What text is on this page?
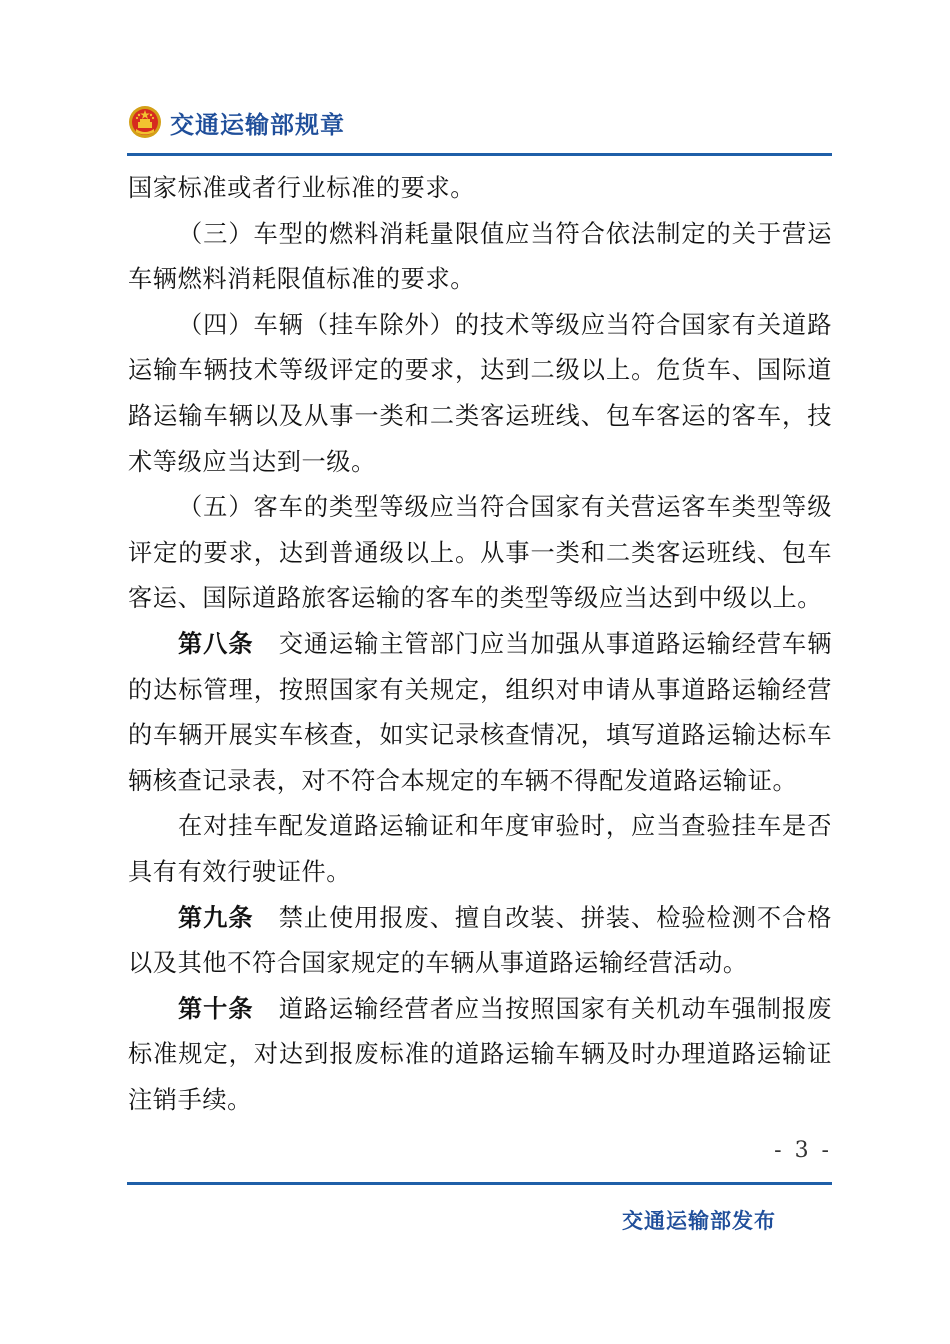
交通运输部规章

国家标准或者行业标准的要求。

（三）车型的燃料消耗量限值应当符合依法制定的关于营运车辆燃料消耗限值标准的要求。

（四）车辆（挂车除外）的技术等级应当符合国家有关道路运输车辆技术等级评定的要求，达到二级以上。危货车、国际道路运输车辆以及从事一类和二类客运班线、包车客运的客车，技术等级应当达到一级。

（五）客车的类型等级应当符合国家有关营运客车类型等级评定的要求，达到普通级以上。从事一类和二类客运班线、包车客运、国际道路旅客运输的客车的类型等级应当达到中级以上。

第八条　 交通运输主管部门应当加强从事道路运输经营车辆的达标管理，按照国家有关规定，组织对申请从事道路运输经营的车辆开展实车核查，如实记录核查情况，填写道路运输达标车辆核查记录表，对不符合本规定的车辆不得配发道路运输证。

在对挂车配发道路运输证和年度审验时，应当查验挂车是否具有有效行驶证件。

第九条　 禁止使用报废、擅自改装、拼装、检验检测不合格以及其他不符合国家规定的车辆从事道路运输经营活动。

第十条　 道路运输经营者应当按照国家有关机动车强制报废标准规定，对达到报废标准的道路运输车辆及时办理道路运输证注销手续。

- 3 -
交通运输部发布
